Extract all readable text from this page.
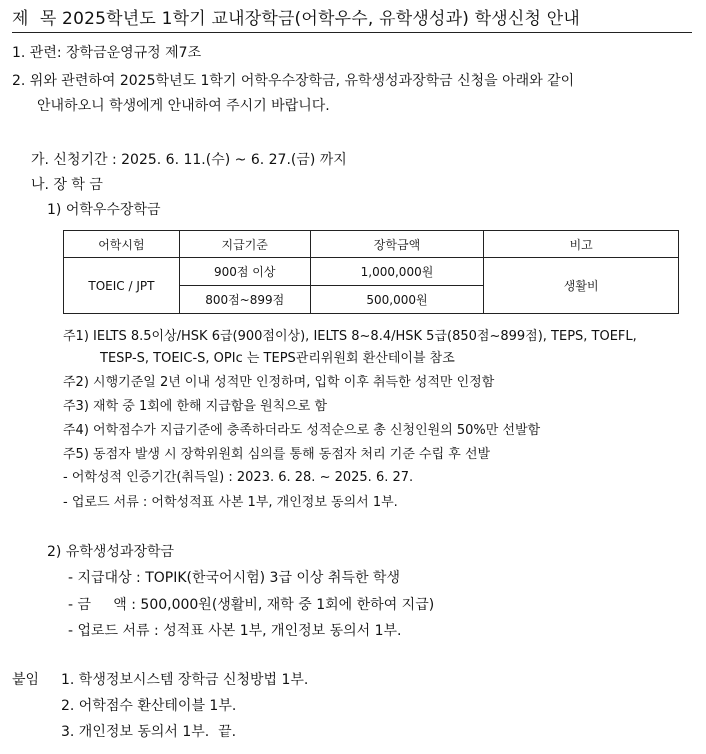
제  목 2025학년도 1학기 교내장학금(어학우수, 유학생성과) 학생신청 안내
1. 관련: 장학금운영규정 제7조
2. 위와 관련하여 2025학년도 1학기 어학우수장학금, 유학생성과장학금 신청을 아래와 같이
안내하오니 학생에게 안내하여 주시기 바랍니다.
가. 신청기간 : 2025. 6. 11.(수) ~ 6. 27.(금) 까지
나. 장 학 금
1) 어학우수장학금
어학시험	지급기준	장학금액	비고
TOEIC / JPT	900점 이상	1,000,000원	생활비
	800점~899점	500,000원	
주1) IELTS 8.5이상/HSK 6급(900점이상), IELTS 8~8.4/HSK 5급(850점~899점), TEPS, TOEFL,
TESP-S, TOEIC-S, OPIc 는 TEPS관리위원회 환산테이블 참조
주2) 시행기준일 2년 이내 성적만 인정하며, 입학 이후 취득한 성적만 인정함
주3) 재학 중 1회에 한해 지급함을 원칙으로 함
주4) 어학점수가 지급기준에 충족하더라도 성적순으로 총 신청인원의 50%만 선발함
주5) 동점자 발생 시 장학위원회 심의를 통해 동점자 처리 기준 수립 후 선발
- 어학성적 인증기간(취득일) : 2023. 6. 28. ~ 2025. 6. 27.
- 업로드 서류 : 어학성적표 사본 1부, 개인정보 동의서 1부.
2) 유학생성과장학금
- 지급대상 : TOPIK(한국어시험) 3급 이상 취득한 학생
- 금     액 : 500,000원(생활비, 재학 중 1회에 한하여 지급)
- 업로드 서류 : 성적표 사본 1부, 개인정보 동의서 1부.
붙임 1. 학생정보시스템 장학금 신청방법 1부.
2. 어학점수 환산테이블 1부.
3. 개인정보 동의서 1부.  끝.
